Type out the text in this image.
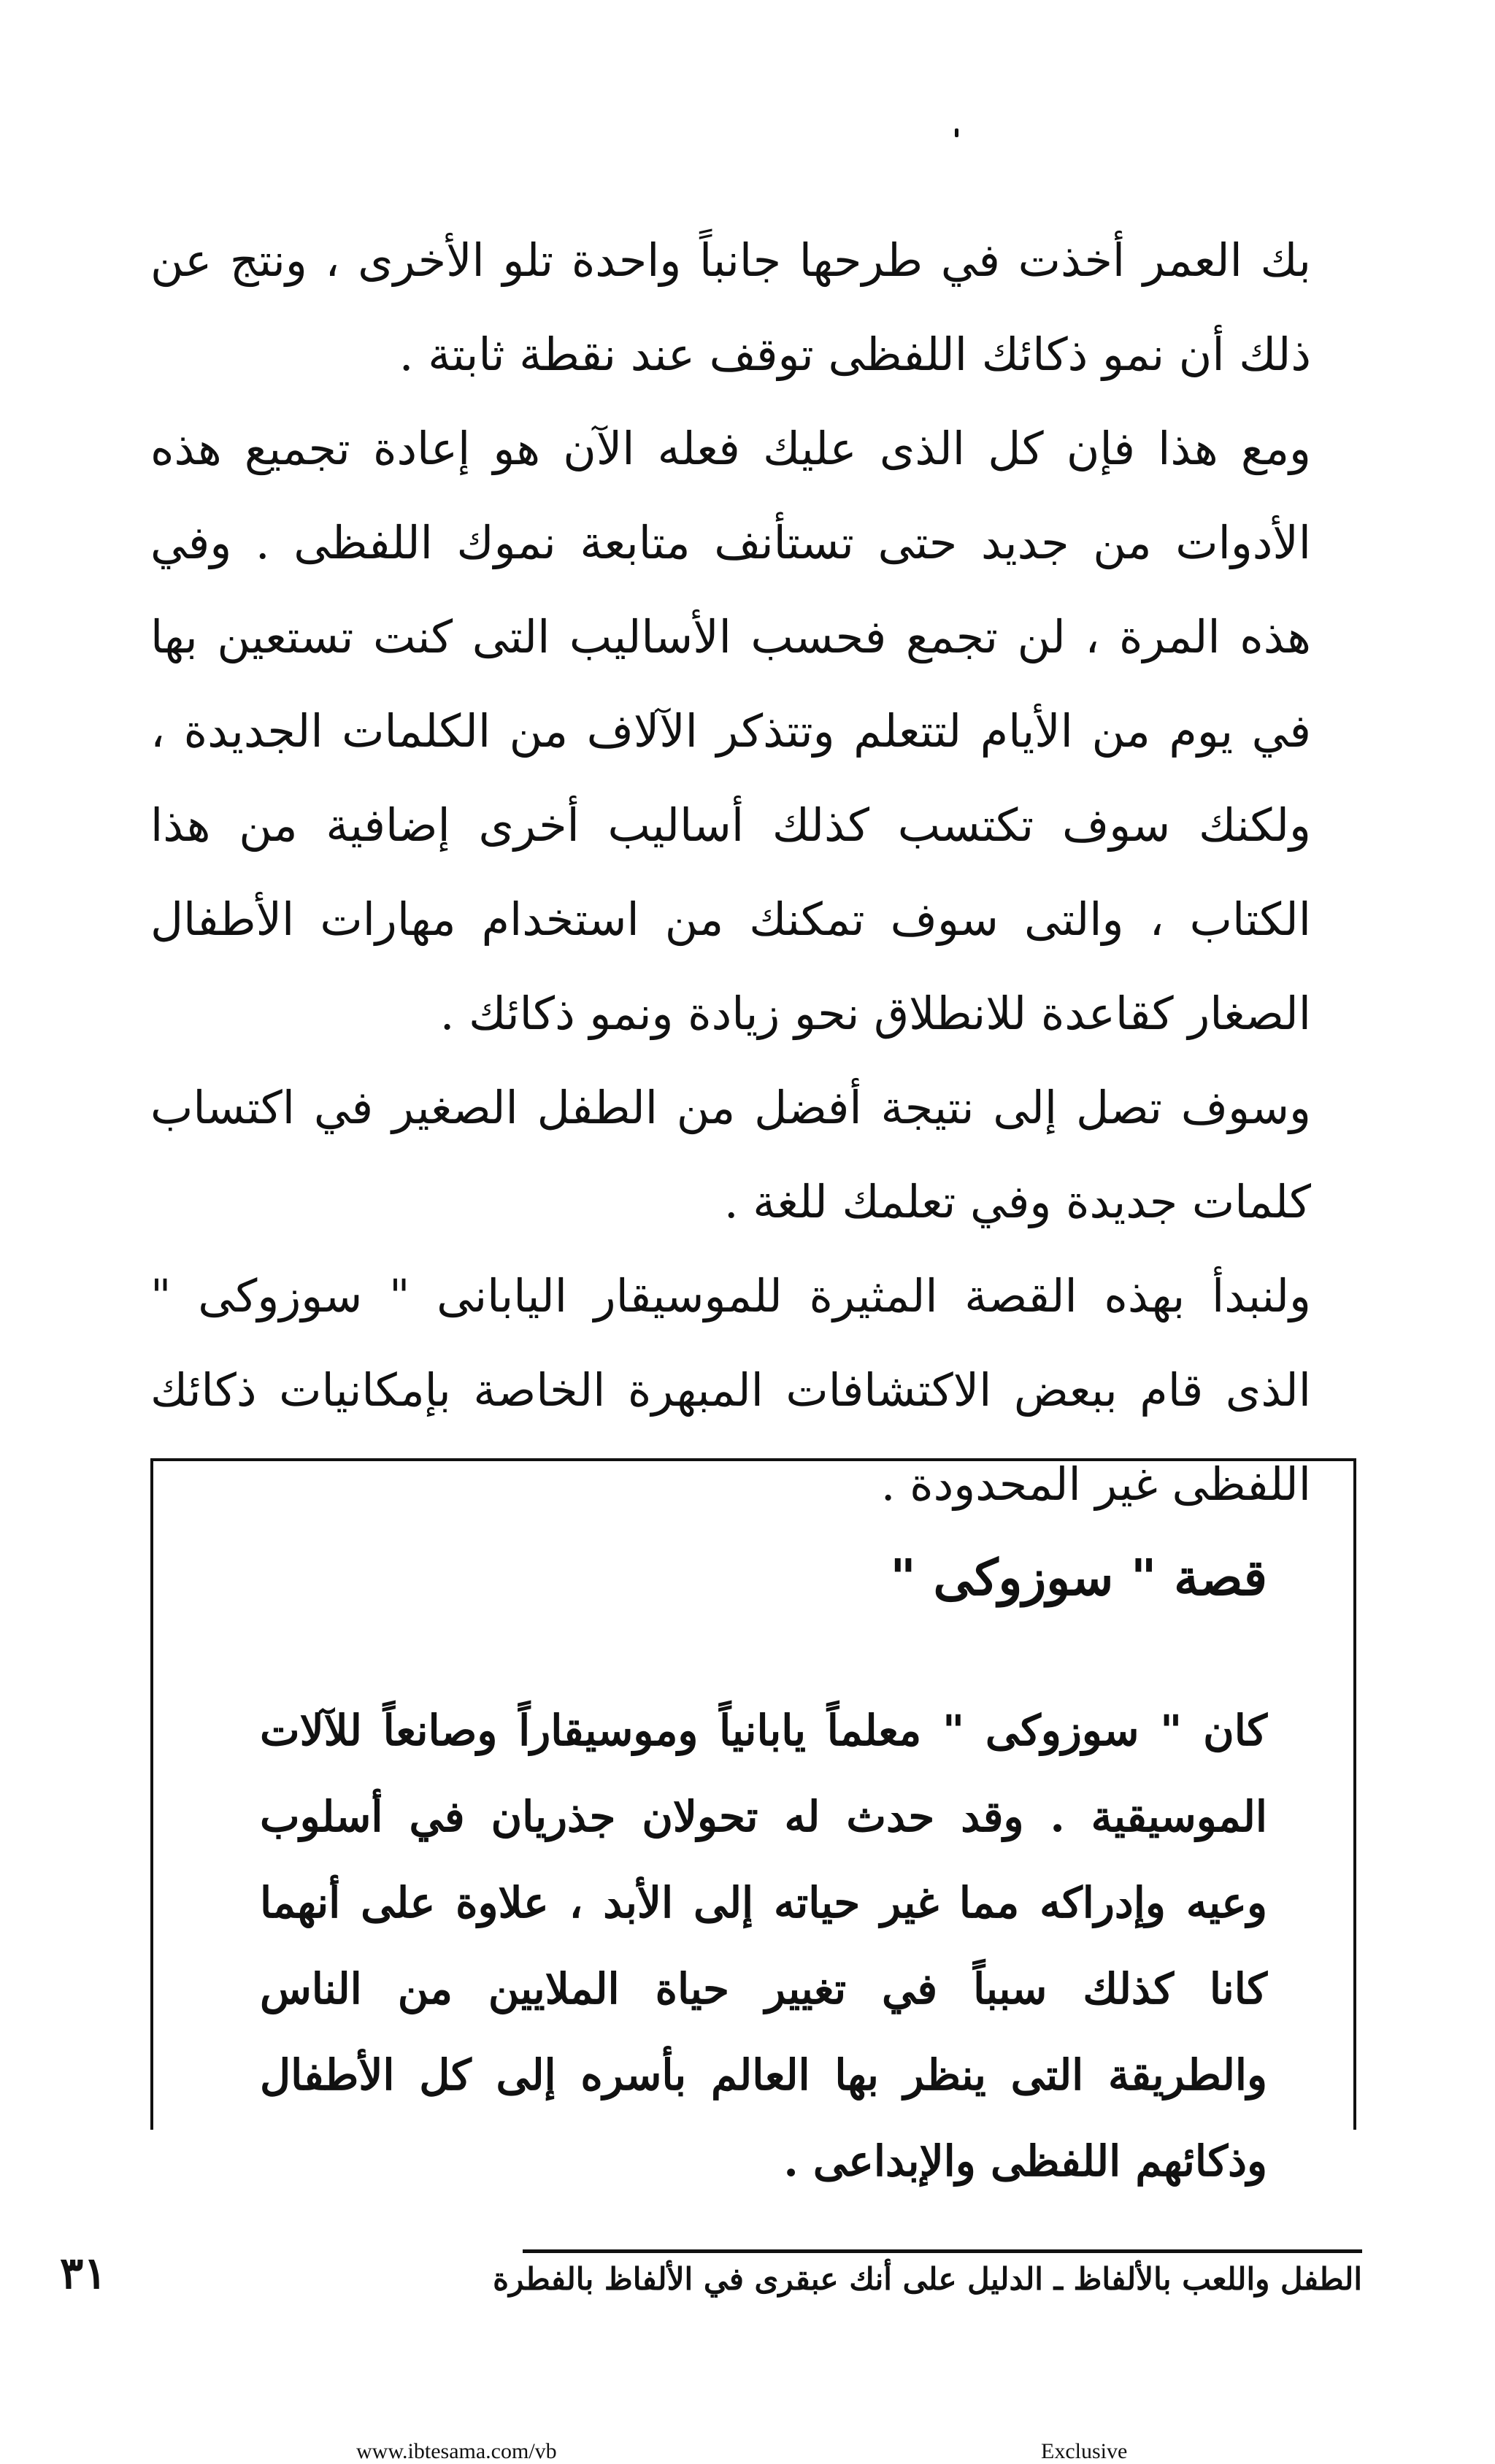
بك العمر أخذت في طرحها جانباً واحدة تلو الأخرى ، ونتج عن ذلك أن نمو ذكائك اللفظى توقف عند نقطة ثابتة .

ومع هذا فإن كل الذى عليك فعله الآن هو إعادة تجميع هذه الأدوات من جديد حتى تستأنف متابعة نموك اللفظى . وفي هذه المرة ، لن تجمع فحسب الأساليب التى كنت تستعين بها في يوم من الأيام لتتعلم وتتذكر الآلاف من الكلمات الجديدة ، ولكنك سوف تكتسب كذلك أساليب أخرى إضافية من هذا الكتاب ، والتى سوف تمكنك من استخدام مهارات الأطفال الصغار كقاعدة للانطلاق نحو زيادة ونمو ذكائك .

وسوف تصل إلى نتيجة أفضل من الطفل الصغير في اكتساب كلمات جديدة وفي تعلمك للغة .

ولنبدأ بهذه القصة المثيرة للموسيقار اليابانى " سوزوكى " الذى قام ببعض الاكتشافات المبهرة الخاصة بإمكانيات ذكائك اللفظى غير المحدودة .

قصة " سوزوكى "
كان " سوزوكى " معلماً يابانياً وموسيقاراً وصانعاً للآلات الموسيقية . وقد حدث له تحولان جذريان في أسلوب وعيه وإدراكه مما غير حياته إلى الأبد ، علاوة على أنهما كانا كذلك سبباً في تغيير حياة الملايين من الناس والطريقة التى ينظر بها العالم بأسره إلى كل الأطفال وذكائهم اللفظى والإبداعى .
الطفل واللعب بالألفاظ ـ الدليل على أنك عبقرى في الألفاظ بالفطرة
٣١
www.ibtesama.com/vb	Exclusive
